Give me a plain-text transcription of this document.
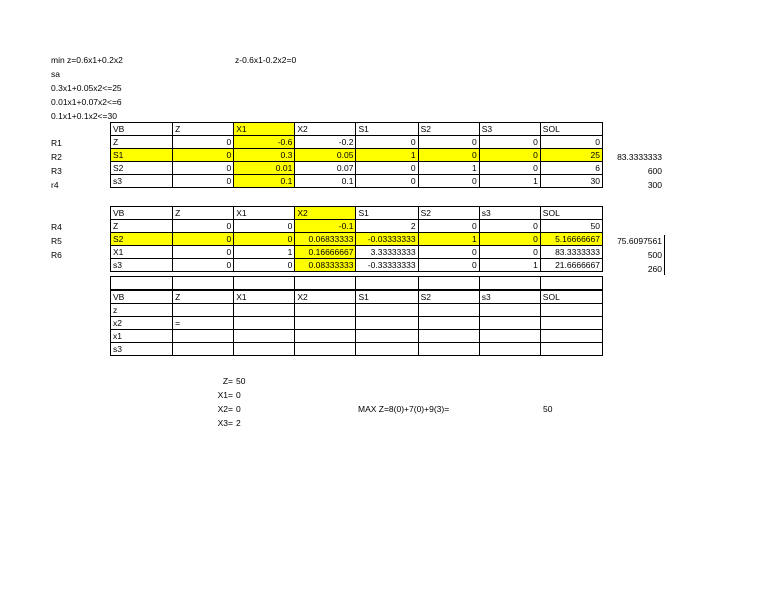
min z=0.6x1+0.2x2
sa
0.3x1+0.05x2<=25
0.01x1+0.07x2<=6
0.1x1+0.1x2<=30
z-0.6x1-0.2x2=0
R1
R2
R3
r4
VB	Z	X1	X2	S1	S2	S3	SOL
Z	0	-0.6	-0.2	0	0	0	0
S1	0	0.3	0.05	1	0	0	25
S2	0	0.01	0.07	0	1	0	6
s3	0	0.1	0.1	0	0	1	30
83.3333333
600
300
R4
R5
R6
VB	Z	X1	X2	S1	S2	s3	SOL
Z	0	0	-0.1	2	0	0	50
S2	0	0	0.06833333	-0.03333333	1	0	5.16666667
X1	0	1	0.16666667	3.33333333	0	0	83.3333333
s3	0	0	0.08333333	-0.33333333	0	1	21.6666667
75.6097561
500
260

VB	Z	X1	X2	S1	S2	s3	SOL
z							
x2	=						
x1							
s3							
Z= 50
X1= 0
X2= 0
X3= 2
MAX Z=8(0)+7(0)+9(3)=	50
